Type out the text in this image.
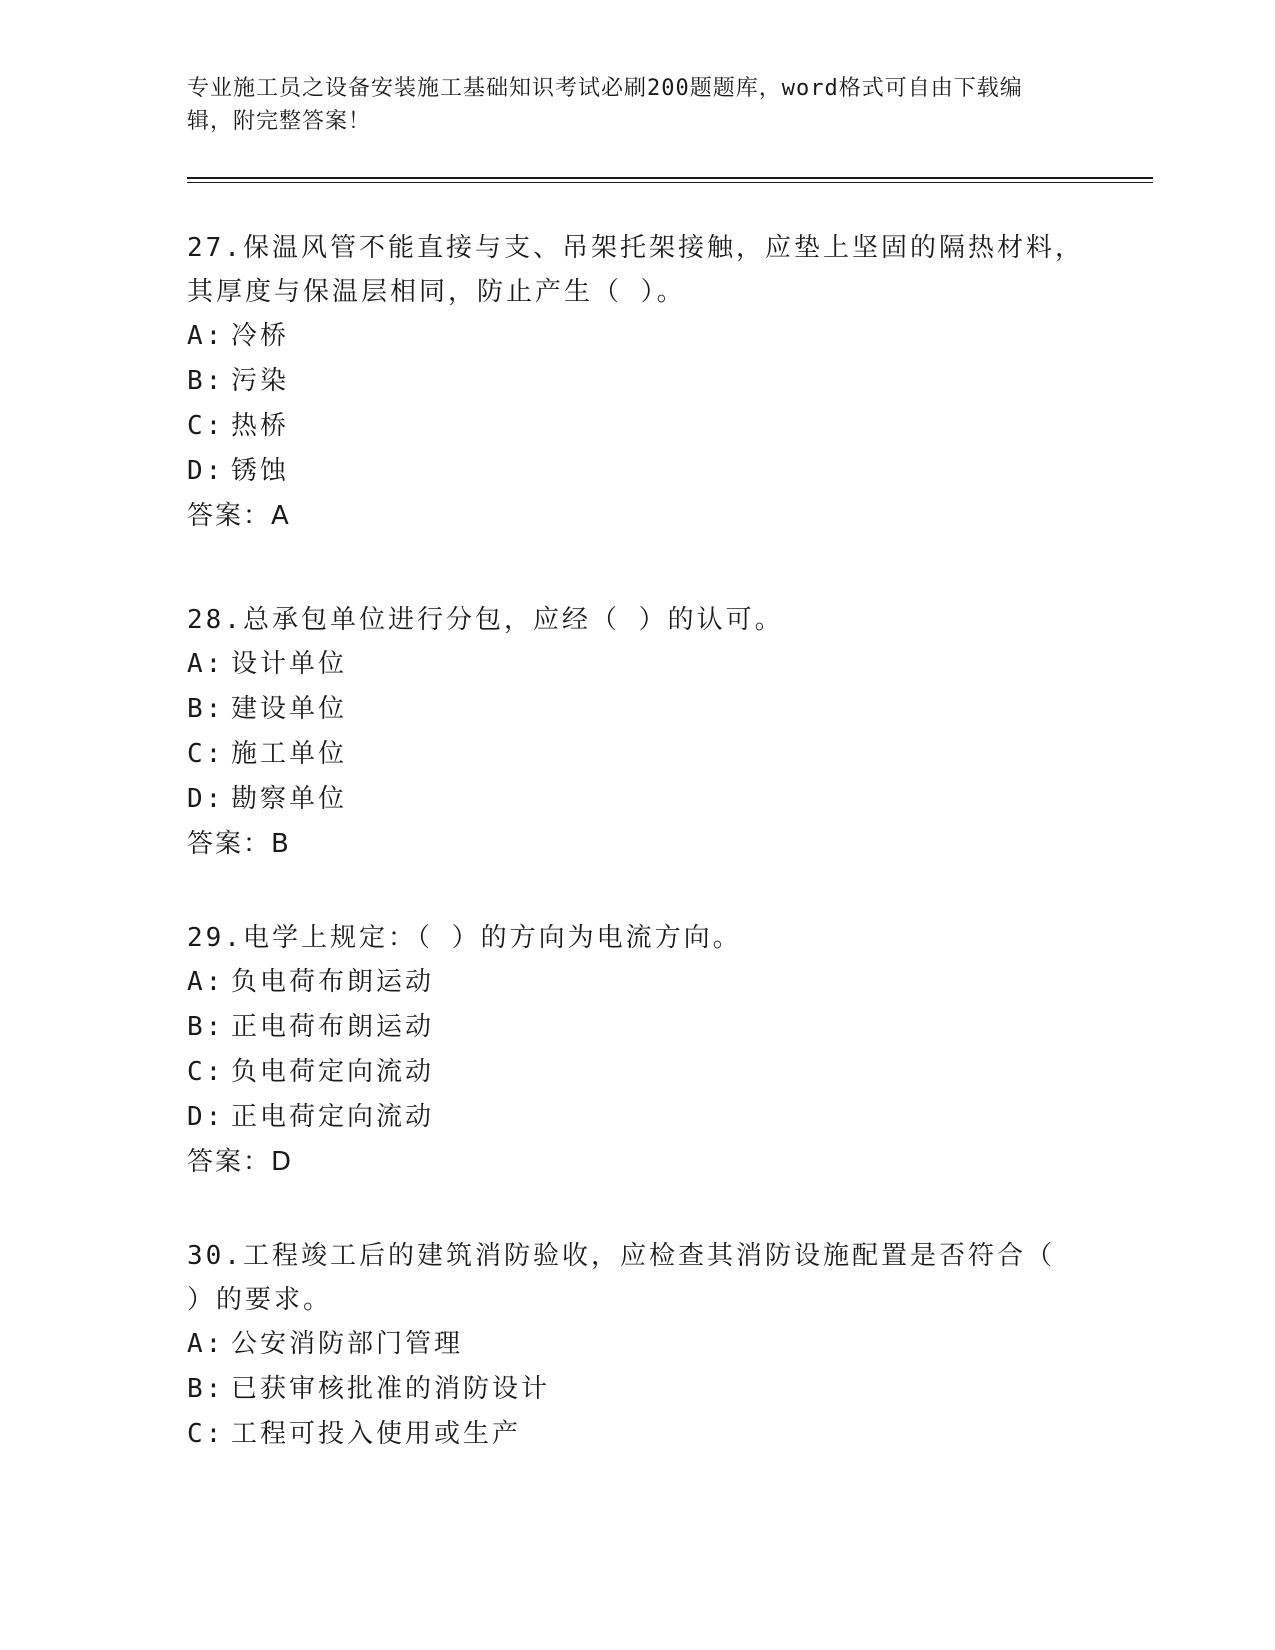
专业施工员之设备安装施工基础知识考试必刷200题题库，word格式可自由下载编辑，附完整答案！

27.保温风管不能直接与支、吊架托架接触，应垫上坚固的隔热材料，其厚度与保温层相同，防止产生（ ）。

A: 冷桥

B: 污染

C: 热桥

D: 锈蚀

答案：A

28.总承包单位进行分包，应经（ ）的认可。

A: 设计单位

B: 建设单位

C: 施工单位

D: 勘察单位

答案：B

29.电学上规定：（ ）的方向为电流方向。

A: 负电荷布朗运动

B: 正电荷布朗运动

C: 负电荷定向流动

D: 正电荷定向流动

答案：D

30.工程竣工后的建筑消防验收，应检查其消防设施配置是否符合（ ）的要求。

A: 公安消防部门管理

B: 已获审核批准的消防设计

C: 工程可投入使用或生产
